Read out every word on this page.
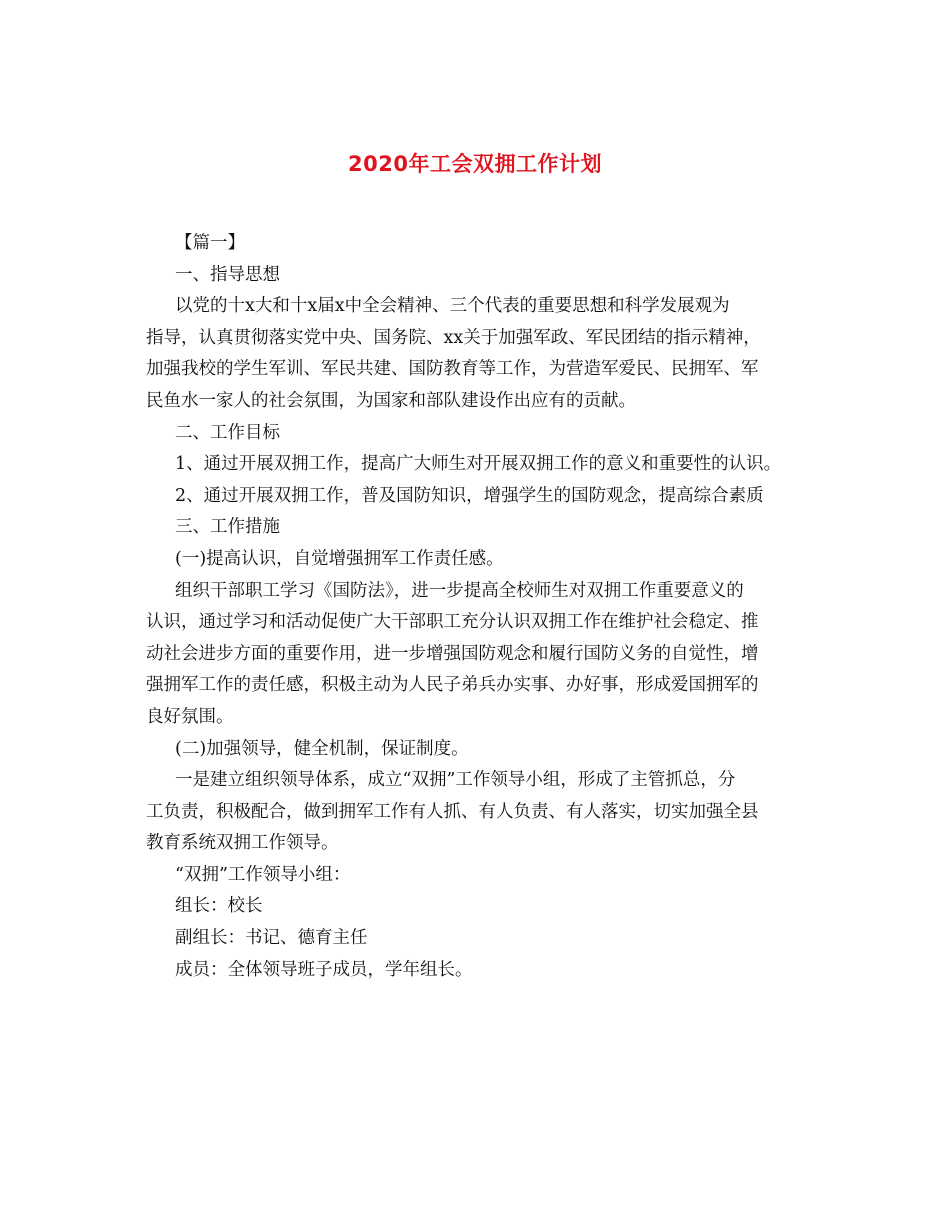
2020年工会双拥工作计划
【篇一】
一、指导思想
以党的十x大和十x届x中全会精神、三个代表的重要思想和科学发展观为
指导，认真贯彻落实党中央、国务院、xx关于加强军政、军民团结的指示精神，
加强我校的学生军训、军民共建、国防教育等工作，为营造军爱民、民拥军、军
民鱼水一家人的社会氛围，为国家和部队建设作出应有的贡献。
二、工作目标
1、通过开展双拥工作，提高广大师生对开展双拥工作的意义和重要性的认识。
2、通过开展双拥工作，普及国防知识，增强学生的国防观念，提高综合素质
三、工作措施
(一)提高认识，自觉增强拥军工作责任感。
组织干部职工学习《国防法》，进一步提高全校师生对双拥工作重要意义的
认识，通过学习和活动促使广大干部职工充分认识双拥工作在维护社会稳定、推
动社会进步方面的重要作用，进一步增强国防观念和履行国防义务的自觉性，增
强拥军工作的责任感，积极主动为人民子弟兵办实事、办好事，形成爱国拥军的
良好氛围。
(二)加强领导，健全机制，保证制度。
一是建立组织领导体系，成立“双拥”工作领导小组，形成了主管抓总，分
工负责，积极配合，做到拥军工作有人抓、有人负责、有人落实，切实加强全县
教育系统双拥工作领导。
“双拥”工作领导小组：
组长：校长
副组长：书记、德育主任
成员：全体领导班子成员，学年组长。
